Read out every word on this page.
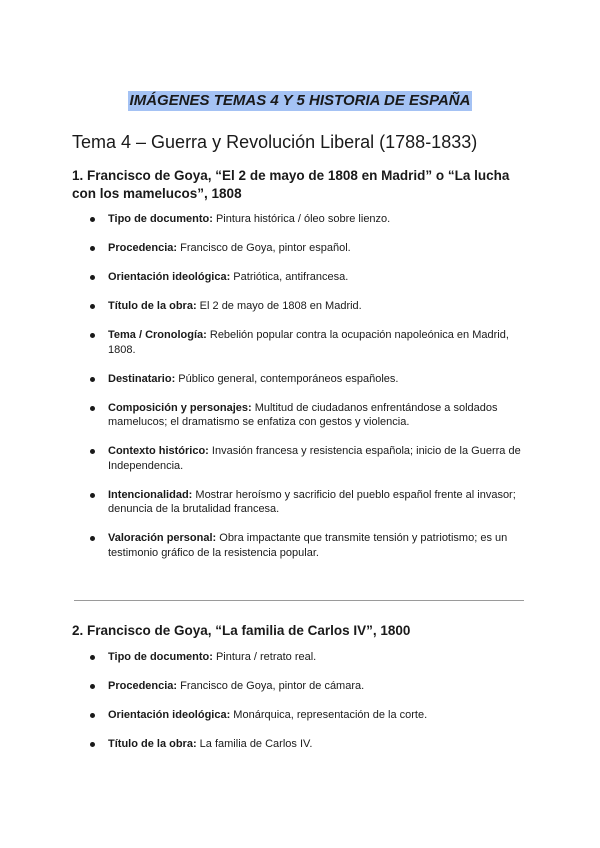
IMÁGENES TEMAS 4 Y 5 HISTORIA DE ESPAÑA
Tema 4 – Guerra y Revolución Liberal (1788-1833)
1. Francisco de Goya, “El 2 de mayo de 1808 en Madrid” o “La lucha con los mamelucos”, 1808
Tipo de documento: Pintura histórica / óleo sobre lienzo.
Procedencia: Francisco de Goya, pintor español.
Orientación ideológica: Patriótica, antifrancesa.
Título de la obra: El 2 de mayo de 1808 en Madrid.
Tema / Cronología: Rebelión popular contra la ocupación napoleónica en Madrid, 1808.
Destinatario: Público general, contemporáneos españoles.
Composición y personajes: Multitud de ciudadanos enfrentándose a soldados mamelucos; el dramatismo se enfatiza con gestos y violencia.
Contexto histórico: Invasión francesa y resistencia española; inicio de la Guerra de Independencia.
Intencionalidad: Mostrar heroísmo y sacrificio del pueblo español frente al invasor; denuncia de la brutalidad francesa.
Valoración personal: Obra impactante que transmite tensión y patriotismo; es un testimonio gráfico de la resistencia popular.
2. Francisco de Goya, “La familia de Carlos IV”, 1800
Tipo de documento: Pintura / retrato real.
Procedencia: Francisco de Goya, pintor de cámara.
Orientación ideológica: Monárquica, representación de la corte.
Título de la obra: La familia de Carlos IV.
